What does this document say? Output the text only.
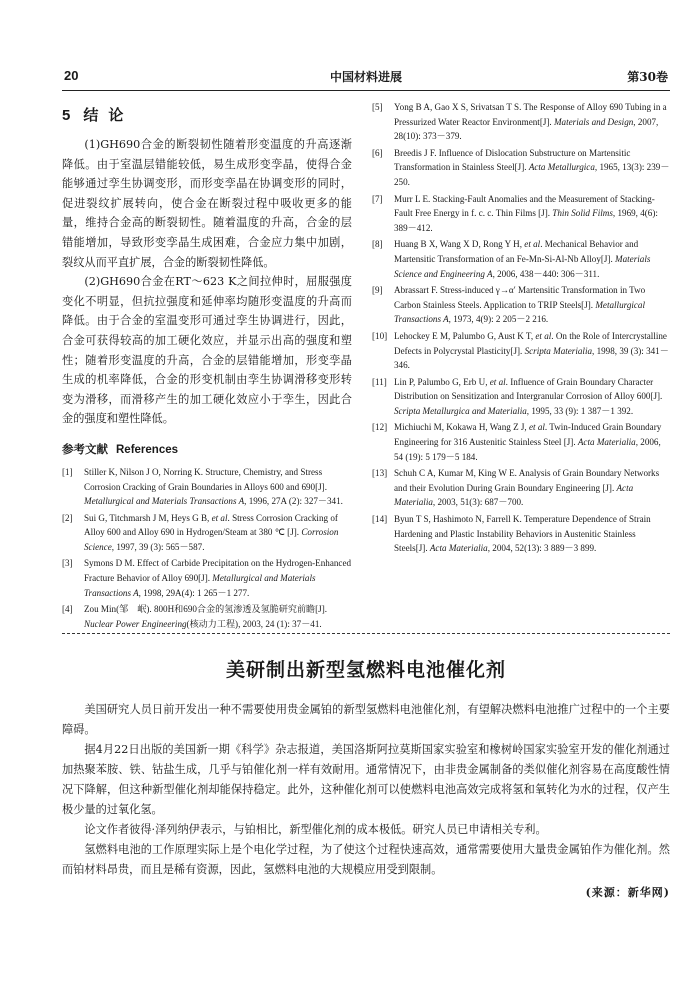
20	中国材料进展	第30卷
5 结论

(1)GH690合金的断裂韧性随着形变温度的升高逐渐降低。由于室温层错能较低，易生成形变孪晶，使得合金能够通过孪生协调变形，而形变孪晶在协调变形的同时，促进裂纹扩展转向，使合金在断裂过程中吸收更多的能量，维持合金高的断裂韧性。随着温度的升高，合金的层错能增加，导致形变孪晶生成困难，合金应力集中加剧，裂纹从而平直扩展，合金的断裂韧性降低。

(2)GH690合金在RT～623 K之间拉伸时，屈服强度变化不明显，但抗拉强度和延伸率均随形变温度的升高而降低。由于合金的室温变形可通过孪生协调进行，因此，合金可获得较高的加工硬化效应，并显示出高的强度和塑性；随着形变温度的升高，合金的层错能增加，形变孪晶生成的机率降低，合金的形变机制由孪生协调滑移变形转变为滑移，而滑移产生的加工硬化效应小于孪生，因此合金的强度和塑性降低。

参考文献 References
[1] Stiller K, Nilson J O, Norring K. Structure, Chemistry, and Stress Corrosion Cracking of Grain Boundaries in Alloys 600 and 690[J]. Metallurgical and Materials Transactions A, 1996, 27A (2): 327－341.
[2] Sui G, Titchmarsh J M, Heys G B, et al. Stress Corrosion Cracking of Alloy 600 and Alloy 690 in Hydrogen/Steam at 380 ℃ [J]. Corrosion Science, 1997, 39 (3): 565－587.
[3] Symons D M. Effect of Carbide Precipitation on the Hydrogen-Enhanced Fracture Behavior of Alloy 690[J]. Metallurgical and Materials Transactions A, 1998, 29A(4): 1 265－1 277.
[4] Zou Min(邹　岷). 800H和690合金的氢渗透及氢脆研究前瞻[J]. Nuclear Power Engineering(核动力工程), 2003, 24 (1): 37－41.
[5] Yong B A, Gao X S, Srivatsan T S. The Response of Alloy 690 Tubing in a Pressurized Water Reactor Environment[J]. Materials and Design, 2007, 28(10): 373－379.
[6] Breedis J F. Influence of Dislocation Substructure on Martensitic Transformation in Stainless Steel[J]. Acta Metallurgica, 1965, 13(3): 239－250.
[7] Murr L E. Stacking-Fault Anomalies and the Measurement of Stacking-Fault Free Energy in f. c. c. Thin Films [J]. Thin Solid Films, 1969, 4(6): 389－412.
[8] Huang B X, Wang X D, Rong Y H, et al. Mechanical Behavior and Martensitic Transformation of an Fe-Mn-Si-Al-Nb Alloy[J]. Materials Science and Engineering A, 2006, 438－440: 306－311.
[9] Abrassart F. Stress-induced γ→α′ Martensitic Transformation in Two Carbon Stainless Steels. Application to TRIP Steels[J]. Metallurgical Transactions A, 1973, 4(9): 2 205－2 216.
[10] Lehockey E M, Palumbo G, Aust K T, et al. On the Role of Intercrystalline Defects in Polycrystal Plasticity[J]. Scripta Materialia, 1998, 39 (3): 341－346.
[11] Lin P, Palumbo G, Erb U, et al. Influence of Grain Boundary Character Distribution on Sensitization and Intergranular Corrosion of Alloy 600[J]. Scripta Metallurgica and Materialia, 1995, 33 (9): 1 387－1 392.
[12] Michiuchi M, Kokawa H, Wang Z J, et al. Twin-Induced Grain Boundary Engineering for 316 Austenitic Stainless Steel [J]. Acta Materialia, 2006, 54 (19): 5 179－5 184.
[13] Schuh C A, Kumar M, King W E. Analysis of Grain Boundary Networks and their Evolution During Grain Boundary Engineering [J]. Acta Materialia, 2003, 51(3): 687－700.
[14] Byun T S, Hashimoto N, Farrell K. Temperature Dependence of Strain Hardening and Plastic Instability Behaviors in Austenitic Stainless Steels[J]. Acta Materialia, 2004, 52(13): 3 889－3 899.
美研制出新型氢燃料电池催化剂

美国研究人员日前开发出一种不需要使用贵金属铂的新型氢燃料电池催化剂，有望解决燃料电池推广过程中的一个主要障碍。

据4月22日出版的美国新一期《科学》杂志报道，美国洛斯阿拉莫斯国家实验室和橡树岭国家实验室开发的催化剂通过加热聚苯胺、铁、钴盐生成，几乎与铂催化剂一样有效耐用。通常情况下，由非贵金属制备的类似催化剂容易在高度酸性情况下降解，但这种新型催化剂却能保持稳定。此外，这种催化剂可以使燃料电池高效完成将氢和氧转化为水的过程，仅产生极少量的过氧化氢。

论文作者彼得·泽列纳伊表示，与铂相比，新型催化剂的成本极低。研究人员已申请相关专利。

氢燃料电池的工作原理实际上是个电化学过程，为了使这个过程快速高效，通常需要使用大量贵金属铂作为催化剂。然而铂材料昂贵，而且是稀有资源，因此，氢燃料电池的大规模应用受到限制。

(来源：新华网)
